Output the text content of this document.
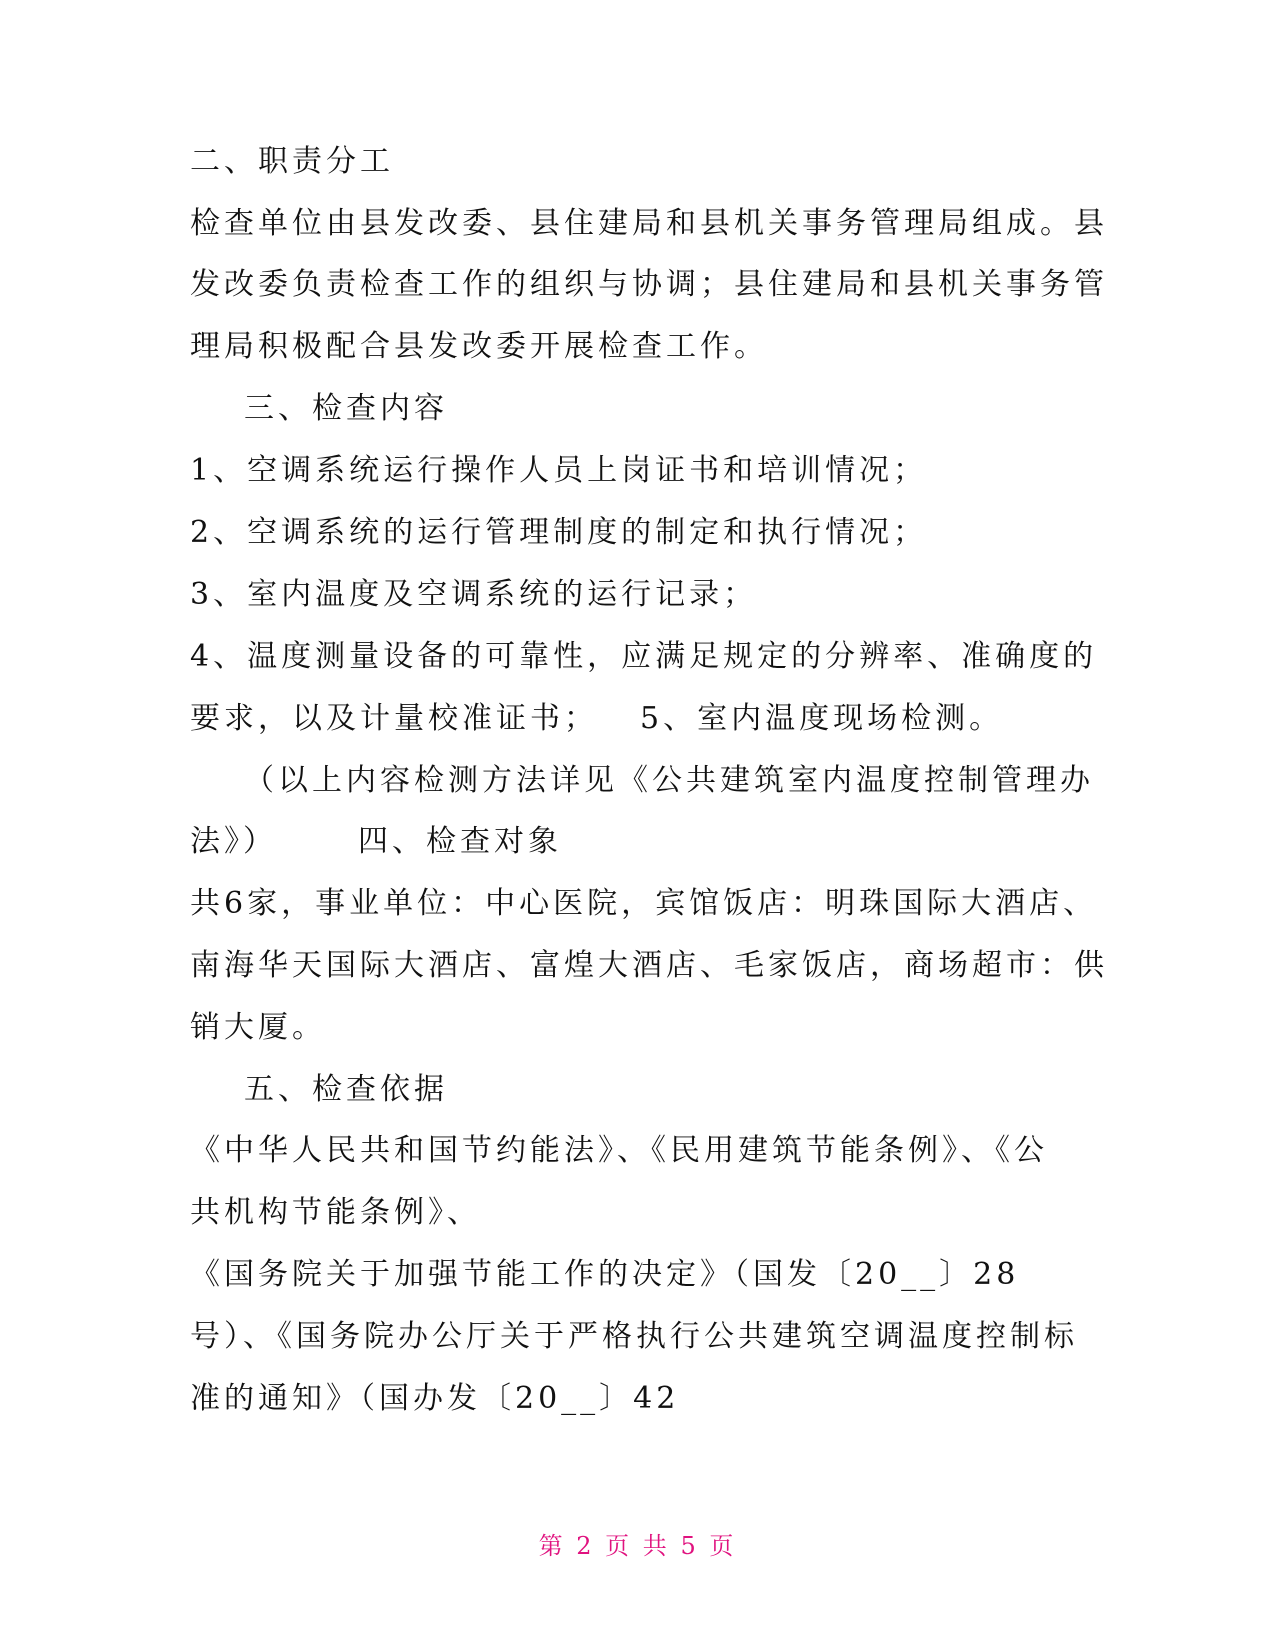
二、职责分工

检查单位由县发改委、县住建局和县机关事务管理局组成。县

发改委负责检查工作的组织与协调；县住建局和县机关事务管

理局积极配合县发改委开展检查工作。

三、检查内容

1、空调系统运行操作人员上岗证书和培训情况；

2、空调系统的运行管理制度的制定和执行情况；

3、室内温度及空调系统的运行记录；

4、温度测量设备的可靠性，应满足规定的分辨率、准确度的

要求，以及计量校准证书； 5、室内温度现场检测。

（以上内容检测方法详见《公共建筑室内温度控制管理办

法》）	四、检查对象

共6家，事业单位：中心医院，宾馆饭店：明珠国际大酒店、

南海华天国际大酒店、富煌大酒店、毛家饭店，商场超市：供

销大厦。

五、检查依据

《中华人民共和国节约能法》、《民用建筑节能条例》、《公

共机构节能条例》、

《国务院关于加强节能工作的决定》（国发〔20__〕28

号）、《国务院办公厅关于严格执行公共建筑空调温度控制标

准的通知》（国办发〔20__〕42

第 2 页 共 5 页
